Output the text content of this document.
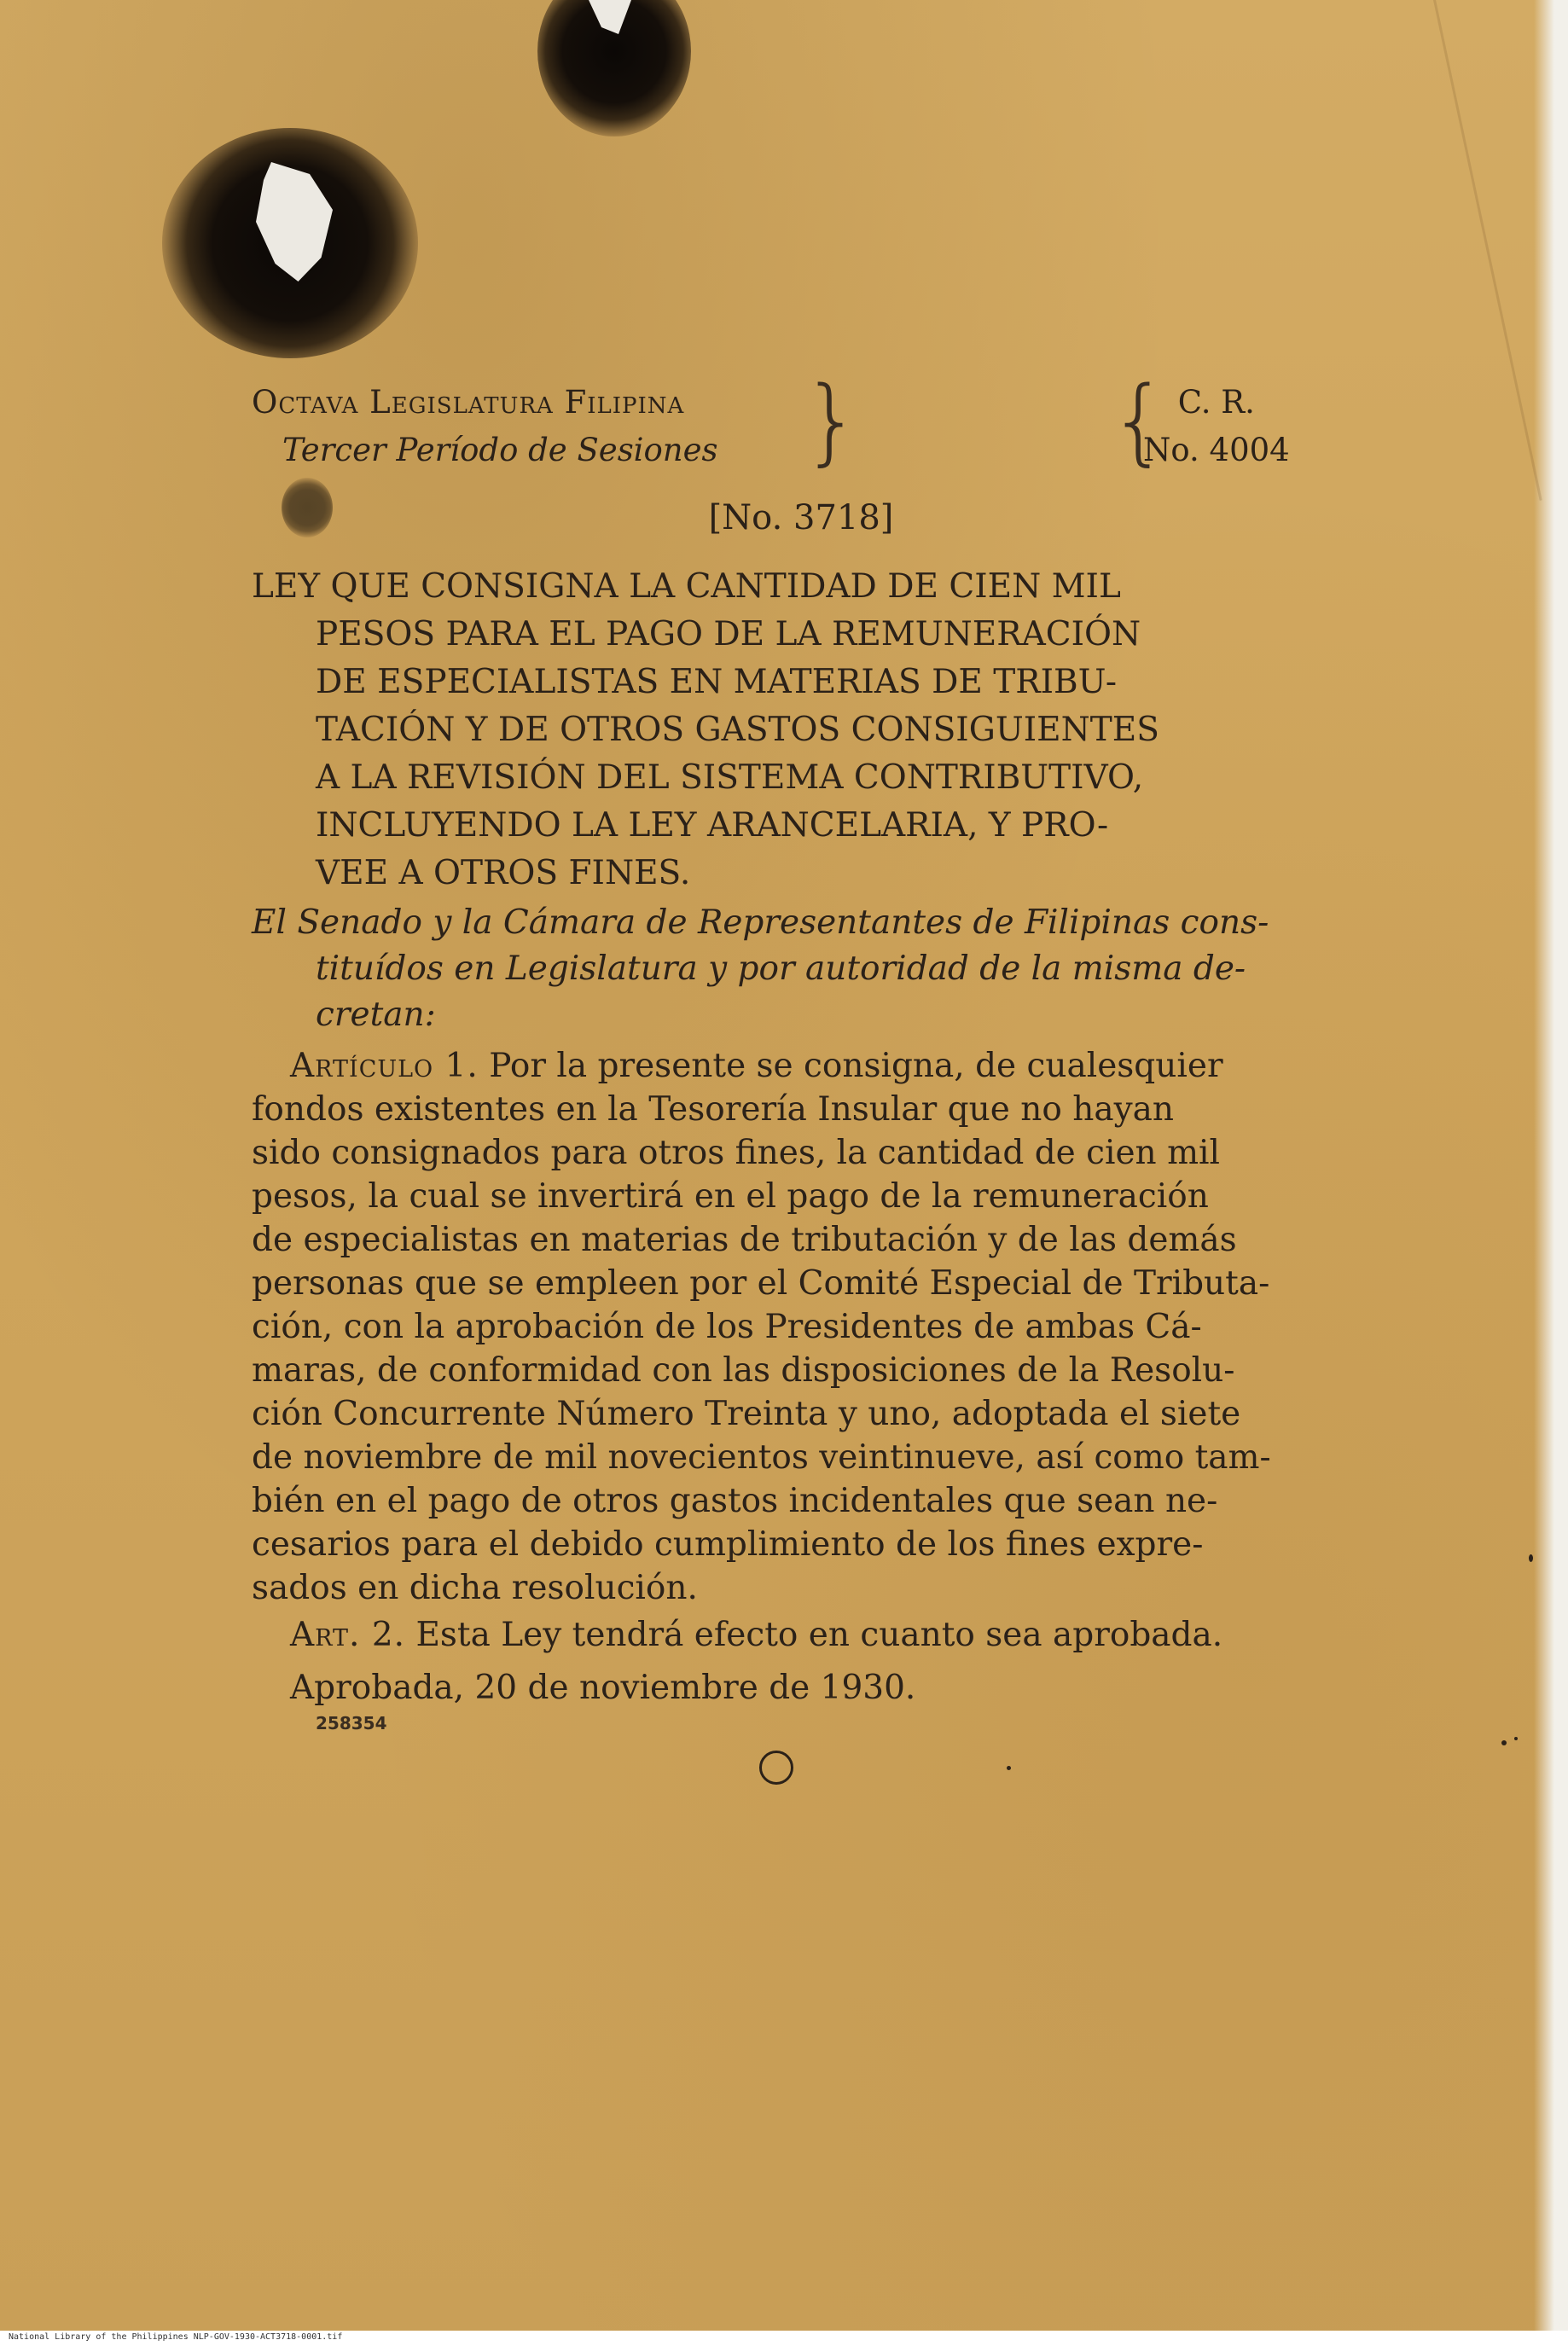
Octava Legislatura Filipina
Tercer Período de Sesiones }	{ C. R.
No. 4004
[No. 3718]
LEY QUE CONSIGNA LA CANTIDAD DE CIEN MIL
PESOS PARA EL PAGO DE LA REMUNERACIÓN
DE ESPECIALISTAS EN MATERIAS DE TRIBU-
TACIÓN Y DE OTROS GASTOS CONSIGUIENTES
A LA REVISIÓN DEL SISTEMA CONTRIBUTIVO,
INCLUYENDO LA LEY ARANCELARIA, Y PRO-
VEE A OTROS FINES.
El Senado y la Cámara de Representantes de Filipinas cons-
tituídos en Legislatura y por autoridad de la misma de-
cretan:
Artículo 1. Por la presente se consigna, de cualesquier
fondos existentes en la Tesorería Insular que no hayan
sido consignados para otros fines, la cantidad de cien mil
pesos, la cual se invertirá en el pago de la remuneración
de especialistas en materias de tributación y de las demás
personas que se empleen por el Comité Especial de Tributa-
ción, con la aprobación de los Presidentes de ambas Cá-
maras, de conformidad con las disposiciones de la Resolu-
ción Concurrente Número Treinta y uno, adoptada el siete
de noviembre de mil novecientos veintinueve, así como tam-
bién en el pago de otros gastos incidentales que sean ne-
cesarios para el debido cumplimiento de los fines expre-
sados en dicha resolución.
Art. 2. Esta Ley tendrá efecto en cuanto sea aprobada.
Aprobada, 20 de noviembre de 1930.
258354
National Library of the Philippines NLP-GOV-1930-ACT3718-0001.tif
